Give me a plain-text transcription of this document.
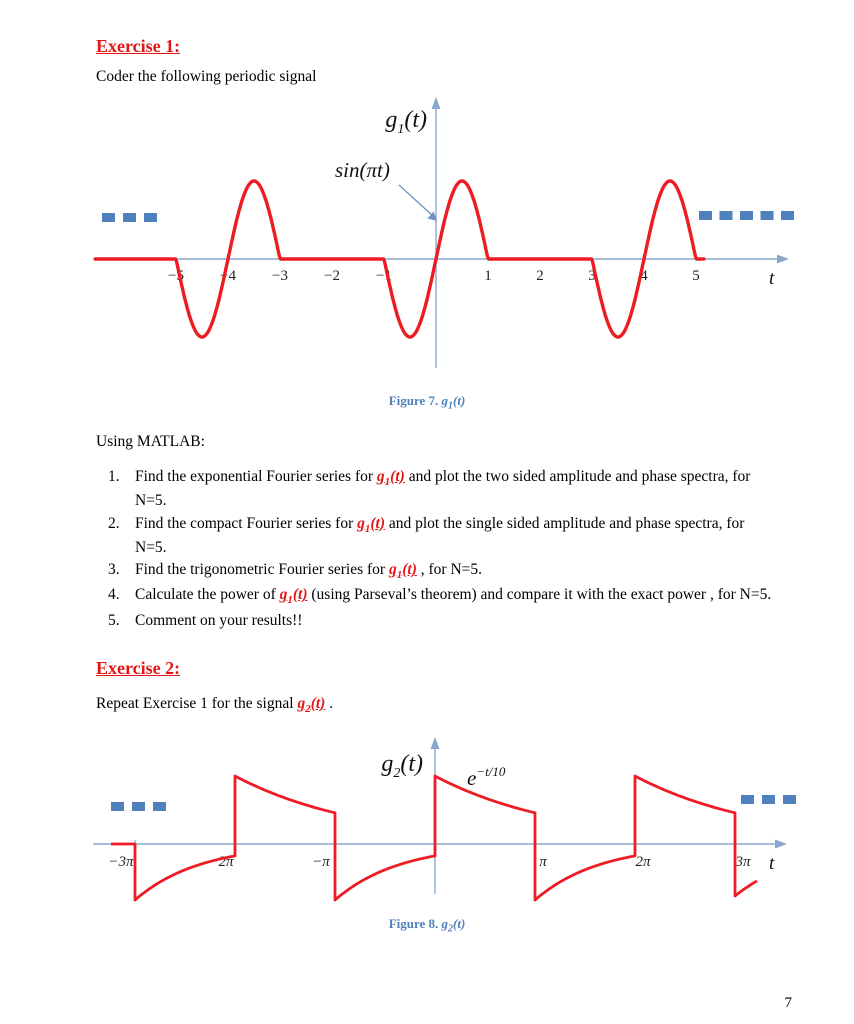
Exercise 1:

Coder the following periodic signal

−5 −4 −3 −2 −1	1	2	3	4	5
$g_1(t)$
sin(πt)
t
Figure 7. $g_1(t)$

Using MATLAB:

1. Find the exponential Fourier series for $g_1(t)$ and plot the two sided amplitude and phase spectra, for N=5.
2. Find the compact Fourier series for $g_1(t)$ and plot the single sided amplitude and phase spectra, for N=5.
3. Find the trigonometric Fourier series for $g_1(t)$ , for N=5.
4. Calculate the power of $g_1(t)$ (using Parseval’s theorem) and compare it with the exact power , for N=5.
5. Comment on your results!!
Exercise 2:

Repeat Exercise 1 for the signal $g_2(t)$ .

−3π	−2π	−π	π	2π	3π
$g_2(t)$
$e^{-t/10}$
t
Figure 8. $g_2(t)$
7
